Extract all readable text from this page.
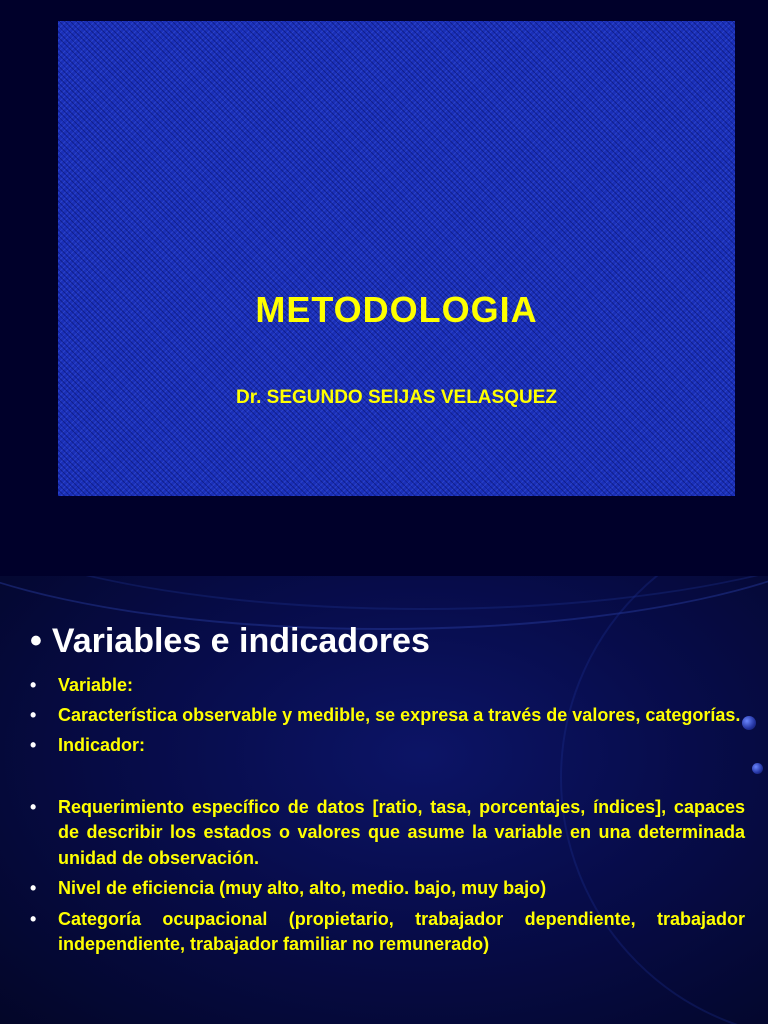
METODOLOGIA

Dr. SEGUNDO SEIJAS VELASQUEZ

• Variables e indicadores
• Variable:
• Característica observable y medible, se expresa a través de valores, categorías.
• Indicador:
• Requerimiento específico de datos [ratio, tasa, porcentajes, índices], capaces de describir los estados o valores que asume la variable en una determinada unidad de observación.
• Nivel de eficiencia (muy alto, alto, medio. bajo, muy bajo)
• Categoría ocupacional (propietario, trabajador dependiente, trabajador independiente, trabajador familiar no remunerado)
